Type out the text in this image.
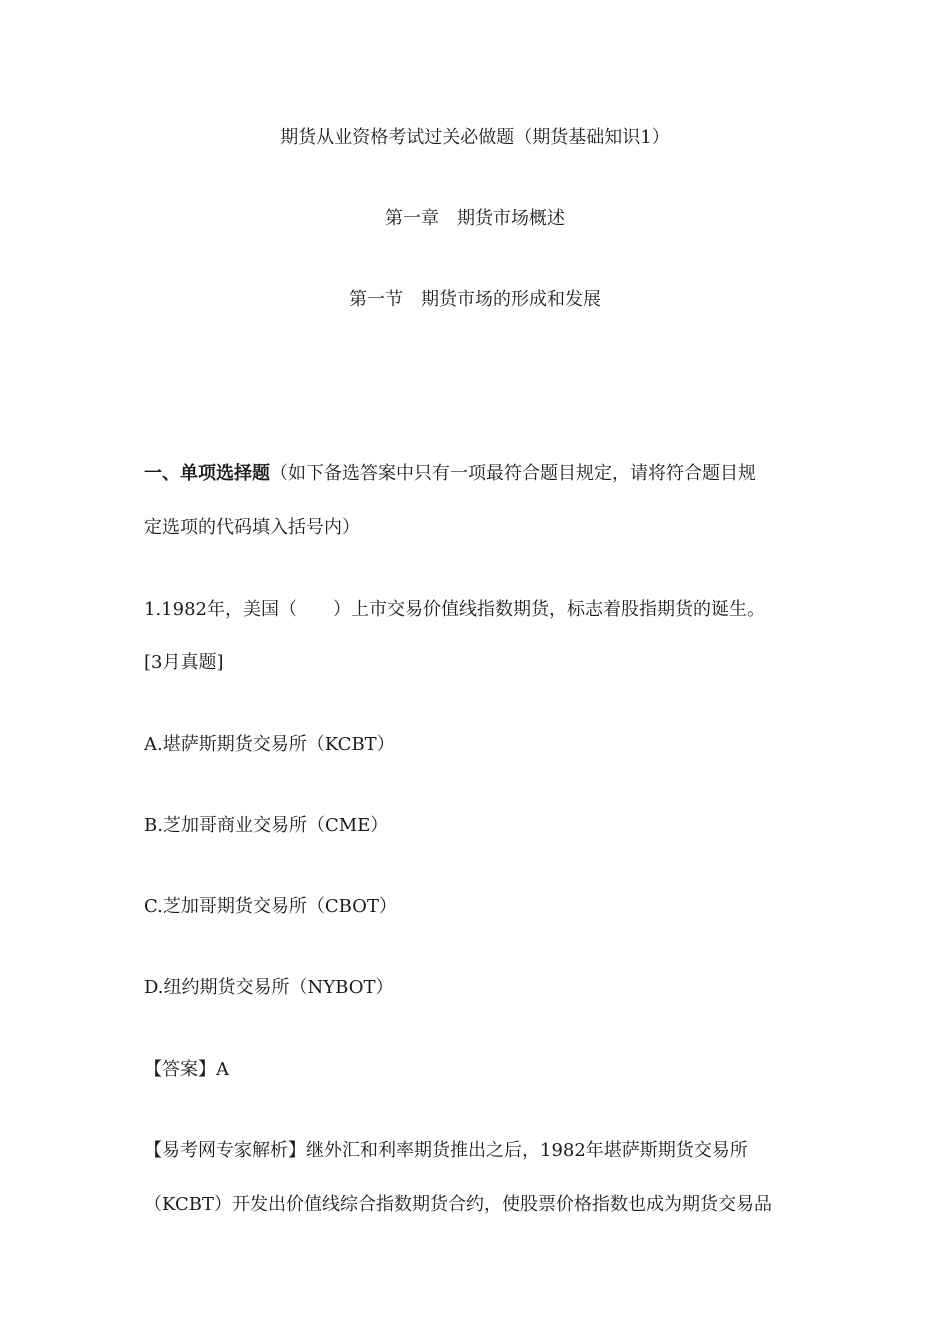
期货从业资格考试过关必做题（期货基础知识1）
第一章　期货市场概述
第一节　期货市场的形成和发展
一、单项选择题（如下备选答案中只有一项最符合题目规定，请将符合题目规
定选项的代码填入括号内）
1.1982年，美国（　　）上市交易价值线指数期货，标志着股指期货的诞生。
[3月真题]
A.堪萨斯期货交易所（KCBT）
B.芝加哥商业交易所（CME）
C.芝加哥期货交易所（CBOT）
D.纽约期货交易所（NYBOT）
【答案】A
【易考网专家解析】继外汇和利率期货推出之后，1982年堪萨斯期货交易所
（KCBT）开发出价值线综合指数期货合约，使股票价格指数也成为期货交易品
